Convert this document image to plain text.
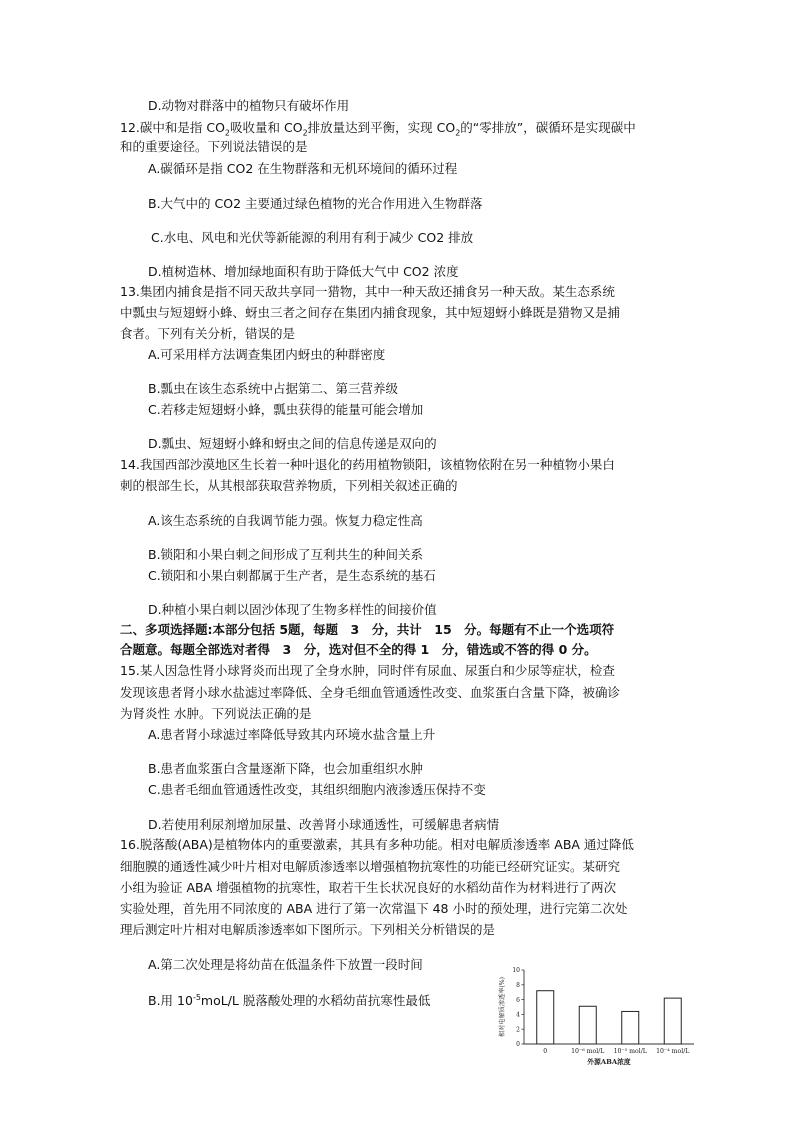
D.动物对群落中的植物只有破坏作用
12.碳中和是指 $CO_2$吸收量和 $CO_2$排放量达到平衡，实现 $CO_2$的“零排放”，碳循环是实现碳中
和的重要途径。下列说法错误的是
A.碳循环是指 CO2 在生物群落和无机环境间的循环过程
B.大气中的 CO2 主要通过绿色植物的光合作用进入生物群落
C.水电、风电和光伏等新能源的利用有利于减少 CO2 排放
D.植树造林、增加绿地面积有助于降低大气中 CO2 浓度
13.集团内捕食是指不同天敌共享同一猎物，其中一种天敌还捕食另一种天敌。某生态系统
中瓢虫与短翅蚜小蜂、蚜虫三者之间存在集团内捕食现象，其中短翅蚜小蜂既是猎物又是捕
食者。下列有关分析，错误的是
A.可采用样方法调查集团内蚜虫的种群密度
B.瓢虫在该生态系统中占据第二、第三营养级
C.若移走短翅蚜小蜂，瓢虫获得的能量可能会增加
D.瓢虫、短翅蚜小蜂和蚜虫之间的信息传递是双向的
14.我国西部沙漠地区生长着一种叶退化的药用植物锁阳，该植物依附在另一种植物小果白
刺的根部生长，从其根部获取营养物质，下列相关叙述正确的
A.该生态系统的自我调节能力强。恢复力稳定性高
B.锁阳和小果白刺之间形成了互利共生的种间关系
C.锁阳和小果白刺都属于生产者，是生态系统的基石
D.种植小果白刺以固沙体现了生物多样性的间接价值
二、多项选择题:本部分包括 5题，每题　3　分，共计　15　分。每题有不止一个选项符
合题意。每题全部选对者得　3　分，选对但不全的得 1　分，错选或不答的得 0 分。
15.某人因急性肾小球肾炎而出现了全身水肿，同时伴有尿血、尿蛋白和少尿等症状，检查
发现该患者肾小球水盐滤过率降低、全身毛细血管通透性改变、血浆蛋白含量下降，被确诊
为肾炎性 水肿。下列说法正确的是
A.患者肾小球滤过率降低导致其内环境水盐含量上升
B.患者血浆蛋白含量逐渐下降，也会加重组织水肿
C.患者毛细血管通透性改变，其组织细胞内液渗透压保持不变
D.若使用利尿剂增加尿量、改善肾小球通透性，可缓解患者病情
16.脱落酸(ABA)是植物体内的重要激素，其具有多种功能。相对电解质渗透率 ABA 通过降低
细胞膜的通透性减少叶片相对电解质渗透率以增强植物抗寒性的功能已经研究证实。某研究
小组为验证 ABA 增强植物的抗寒性，取若干生长状况良好的水稻幼苗作为材料进行了两次
实验处理，首先用不同浓度的 ABA 进行了第一次常温下 48 小时的预处理，进行完第二次处
理后测定叶片相对电解质渗透率如下图所示。下列相关分析错误的是
A.第二次处理是将幼苗在低温条件下放置一段时间
B.用 $10^{-5}moL/L$ 脱落酸处理的水稻幼苗抗寒性最低
0
2
4
6
8
10
相对电解质渗透率(%)
0	10⁻⁶ mol/L 10⁻⁵ mol/L 10⁻⁴ mol/L
外源ABA浓度
